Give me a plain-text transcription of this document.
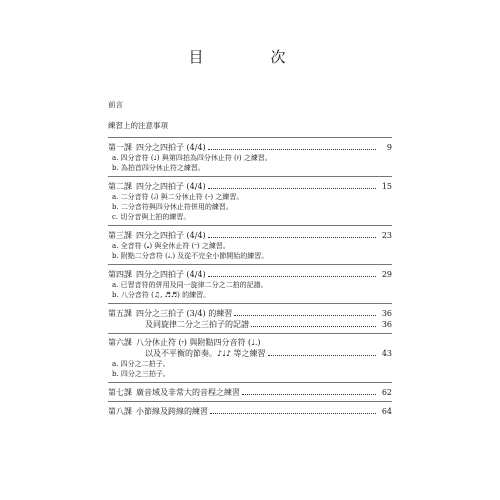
目　次
前言
練習上的注意事項
第一課 四分之四拍子 (4/4)	9
a. 四分音符 (♩) 與第四拍為四分休止符 (𝄽) 之練習。
b. 為拍首四分休止符之練習。
第二課 四分之四拍子 (4/4)	15
a. 二分音符 (𝅗𝅥) 與二分休止符 (𝄼) 之練習。
b. 二分音符與四分休止符併用的練習。
c. 切分音與上拍的練習。
第三課 四分之四拍子 (4/4)	23
a. 全音符 (𝅝) 與全休止符 (𝄻) 之練習。
b. 附點二分音符 (𝅗𝅥.) 及從不完全小節開始的練習。
第四課 四分之四拍子 (4/4)	29
a. 已習音符的併用及同一旋律二分之二拍的記譜。
b. 八分音符 (♫, ♬♬) 的練習。
第五課 四分之三拍子 (3/4) 的練習	36
及同旋律二分之三拍子的記譜	36
第六課 八分休止符 (𝄾) 與附點四分音符 (♩.)
以及不平衡的節奏。♪♩♪ 等之練習	43
a. 四分之二拍子。
b. 四分之三拍子。
第七課 廣音域及非常大的音程之練習	62
第八課 小節線及跨線的練習	64
